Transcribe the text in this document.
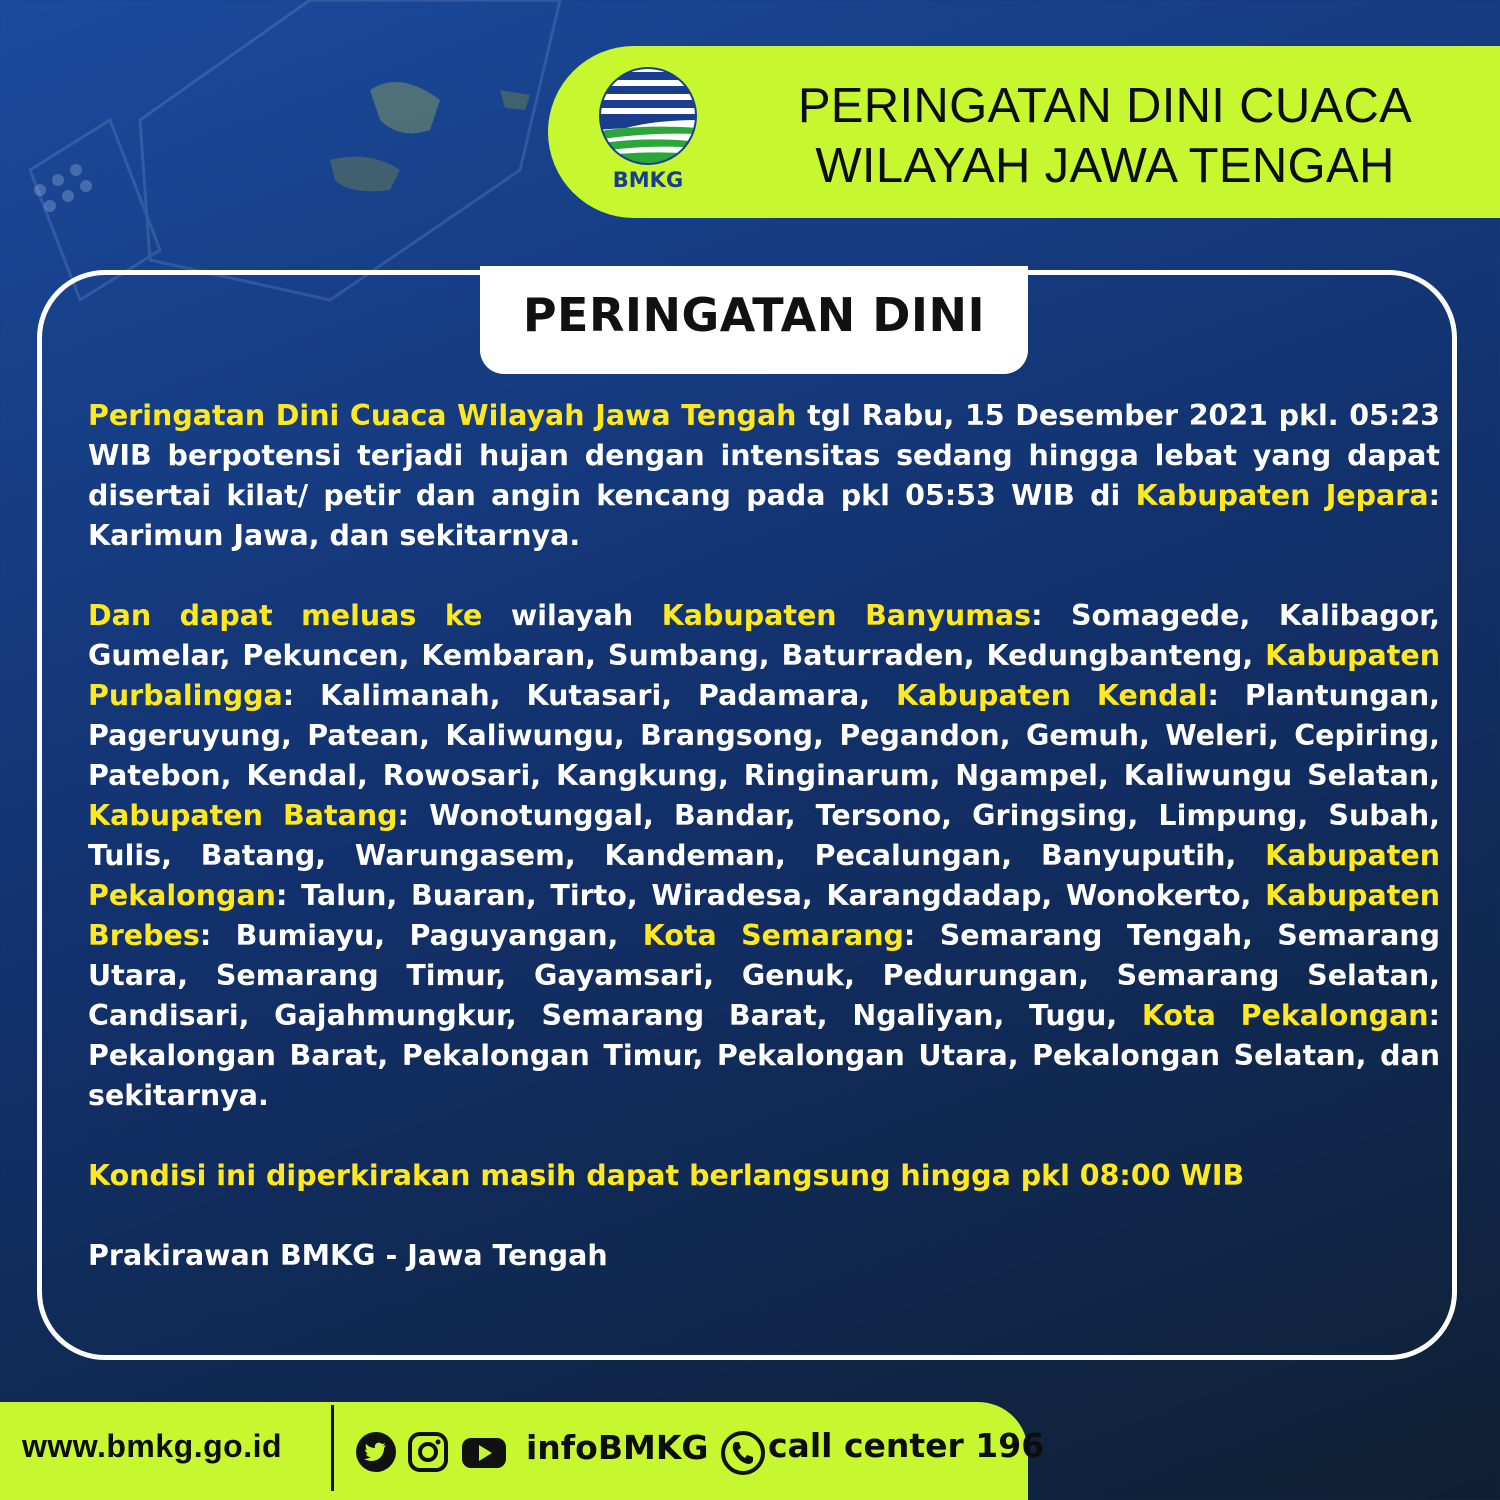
BMKG
PERINGATAN DINI CUACA
WILAYAH JAWA TENGAH
PERINGATAN DINI

Peringatan Dini Cuaca Wilayah Jawa Tengah tgl Rabu, 15 Desember 2021 pkl. 05:23 WIB berpotensi terjadi hujan dengan intensitas sedang hingga lebat yang dapat disertai kilat/ petir dan angin kencang pada pkl 05:53 WIB di Kabupaten Jepara: Karimun Jawa, dan sekitarnya.

Dan dapat meluas ke wilayah Kabupaten Banyumas: Somagede, Kalibagor, Gumelar, Pekuncen, Kembaran, Sumbang, Baturraden, Kedungbanteng, Kabupaten Purbalingga: Kalimanah, Kutasari, Padamara, Kabupaten Kendal: Plantungan, Pageruyung, Patean, Kaliwungu, Brangsong, Pegandon, Gemuh, Weleri, Cepiring, Patebon, Kendal, Rowosari, Kangkung, Ringinarum, Ngampel, Kaliwungu Selatan, Kabupaten Batang: Wonotunggal, Bandar, Tersono, Gringsing, Limpung, Subah, Tulis, Batang, Warungasem, Kandeman, Pecalungan, Banyuputih, Kabupaten Pekalongan: Talun, Buaran, Tirto, Wiradesa, Karangdadap, Wonokerto, Kabupaten Brebes: Bumiayu, Paguyangan, Kota Semarang: Semarang Tengah, Semarang Utara, Semarang Timur, Gayamsari, Genuk, Pedurungan, Semarang Selatan, Candisari, Gajahmungkur, Semarang Barat, Ngaliyan, Tugu, Kota Pekalongan: Pekalongan Barat, Pekalongan Timur, Pekalongan Utara, Pekalongan Selatan, dan sekitarnya.

Kondisi ini diperkirakan masih dapat berlangsung hingga pkl 08:00 WIB

Prakirawan BMKG - Jawa Tengah

www.bmkg.go.id	infoBMKG call center 196
